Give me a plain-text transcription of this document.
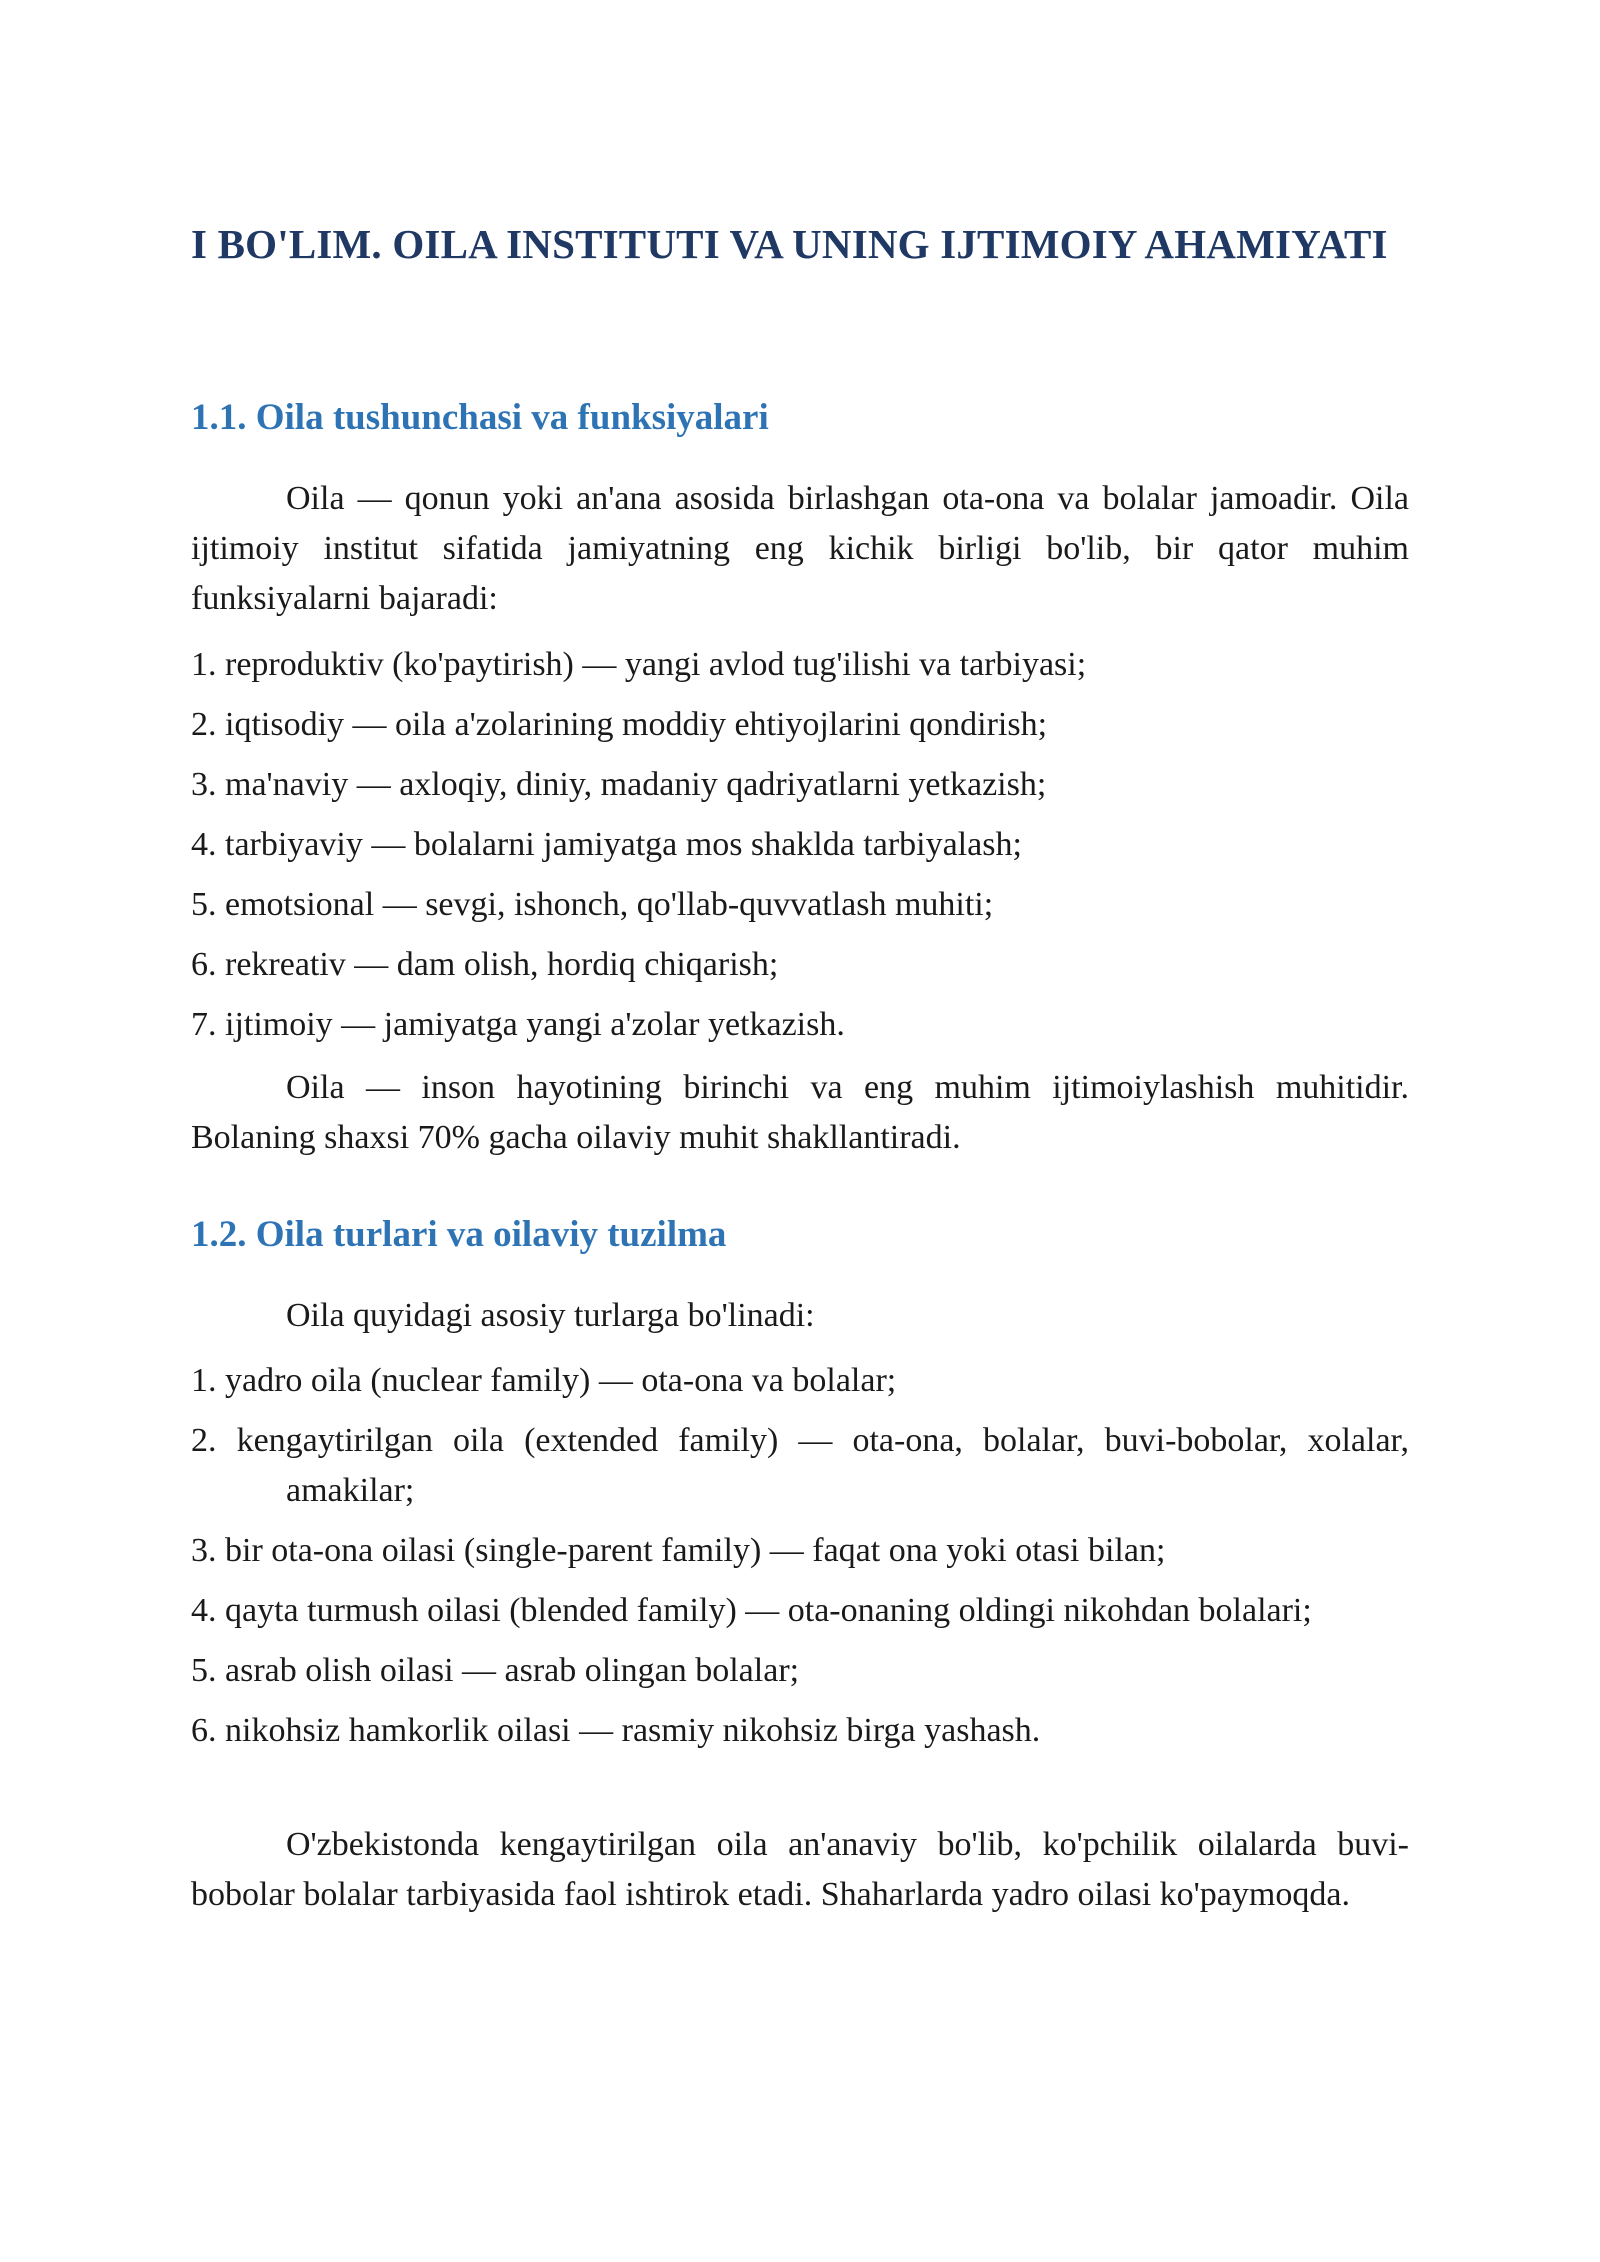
I BO'LIM. OILA INSTITUTI VA UNING IJTIMOIY AHAMIYATI
1.1. Oila tushunchasi va funksiyalari

Oila — qonun yoki an'ana asosida birlashgan ota-ona va bolalar jamoadir. Oila ijtimoiy institut sifatida jamiyatning eng kichik birligi bo'lib, bir qator muhim funksiyalarni bajaradi:

1. reproduktiv (ko'paytirish) — yangi avlod tug'ilishi va tarbiyasi;
2. iqtisodiy — oila a'zolarining moddiy ehtiyojlarini qondirish;
3. ma'naviy — axloqiy, diniy, madaniy qadriyatlarni yetkazish;
4. tarbiyaviy — bolalarni jamiyatga mos shaklda tarbiyalash;
5. emotsional — sevgi, ishonch, qo'llab-quvvatlash muhiti;
6. rekreativ — dam olish, hordiq chiqarish;
7. ijtimoiy — jamiyatga yangi a'zolar yetkazish.

Oila — inson hayotining birinchi va eng muhim ijtimoiylashish muhitidir. Bolaning shaxsi 70% gacha oilaviy muhit shakllantiradi.

1.2. Oila turlari va oilaviy tuzilma

Oila quyidagi asosiy turlarga bo'linadi:

1. yadro oila (nuclear family) — ota-ona va bolalar;
2. kengaytirilgan oila (extended family) — ota-ona, bolalar, buvi-bobolar, xolalar, amakilar;
3. bir ota-ona oilasi (single-parent family) — faqat ona yoki otasi bilan;
4. qayta turmush oilasi (blended family) — ota-onaning oldingi nikohdan bolalari;
5. asrab olish oilasi — asrab olingan bolalar;
6. nikohsiz hamkorlik oilasi — rasmiy nikohsiz birga yashash.

O'zbekistonda kengaytirilgan oila an'anaviy bo'lib, ko'pchilik oilalarda buvi-bobolar bolalar tarbiyasida faol ishtirok etadi. Shaharlarda yadro oilasi ko'paymoqda.
